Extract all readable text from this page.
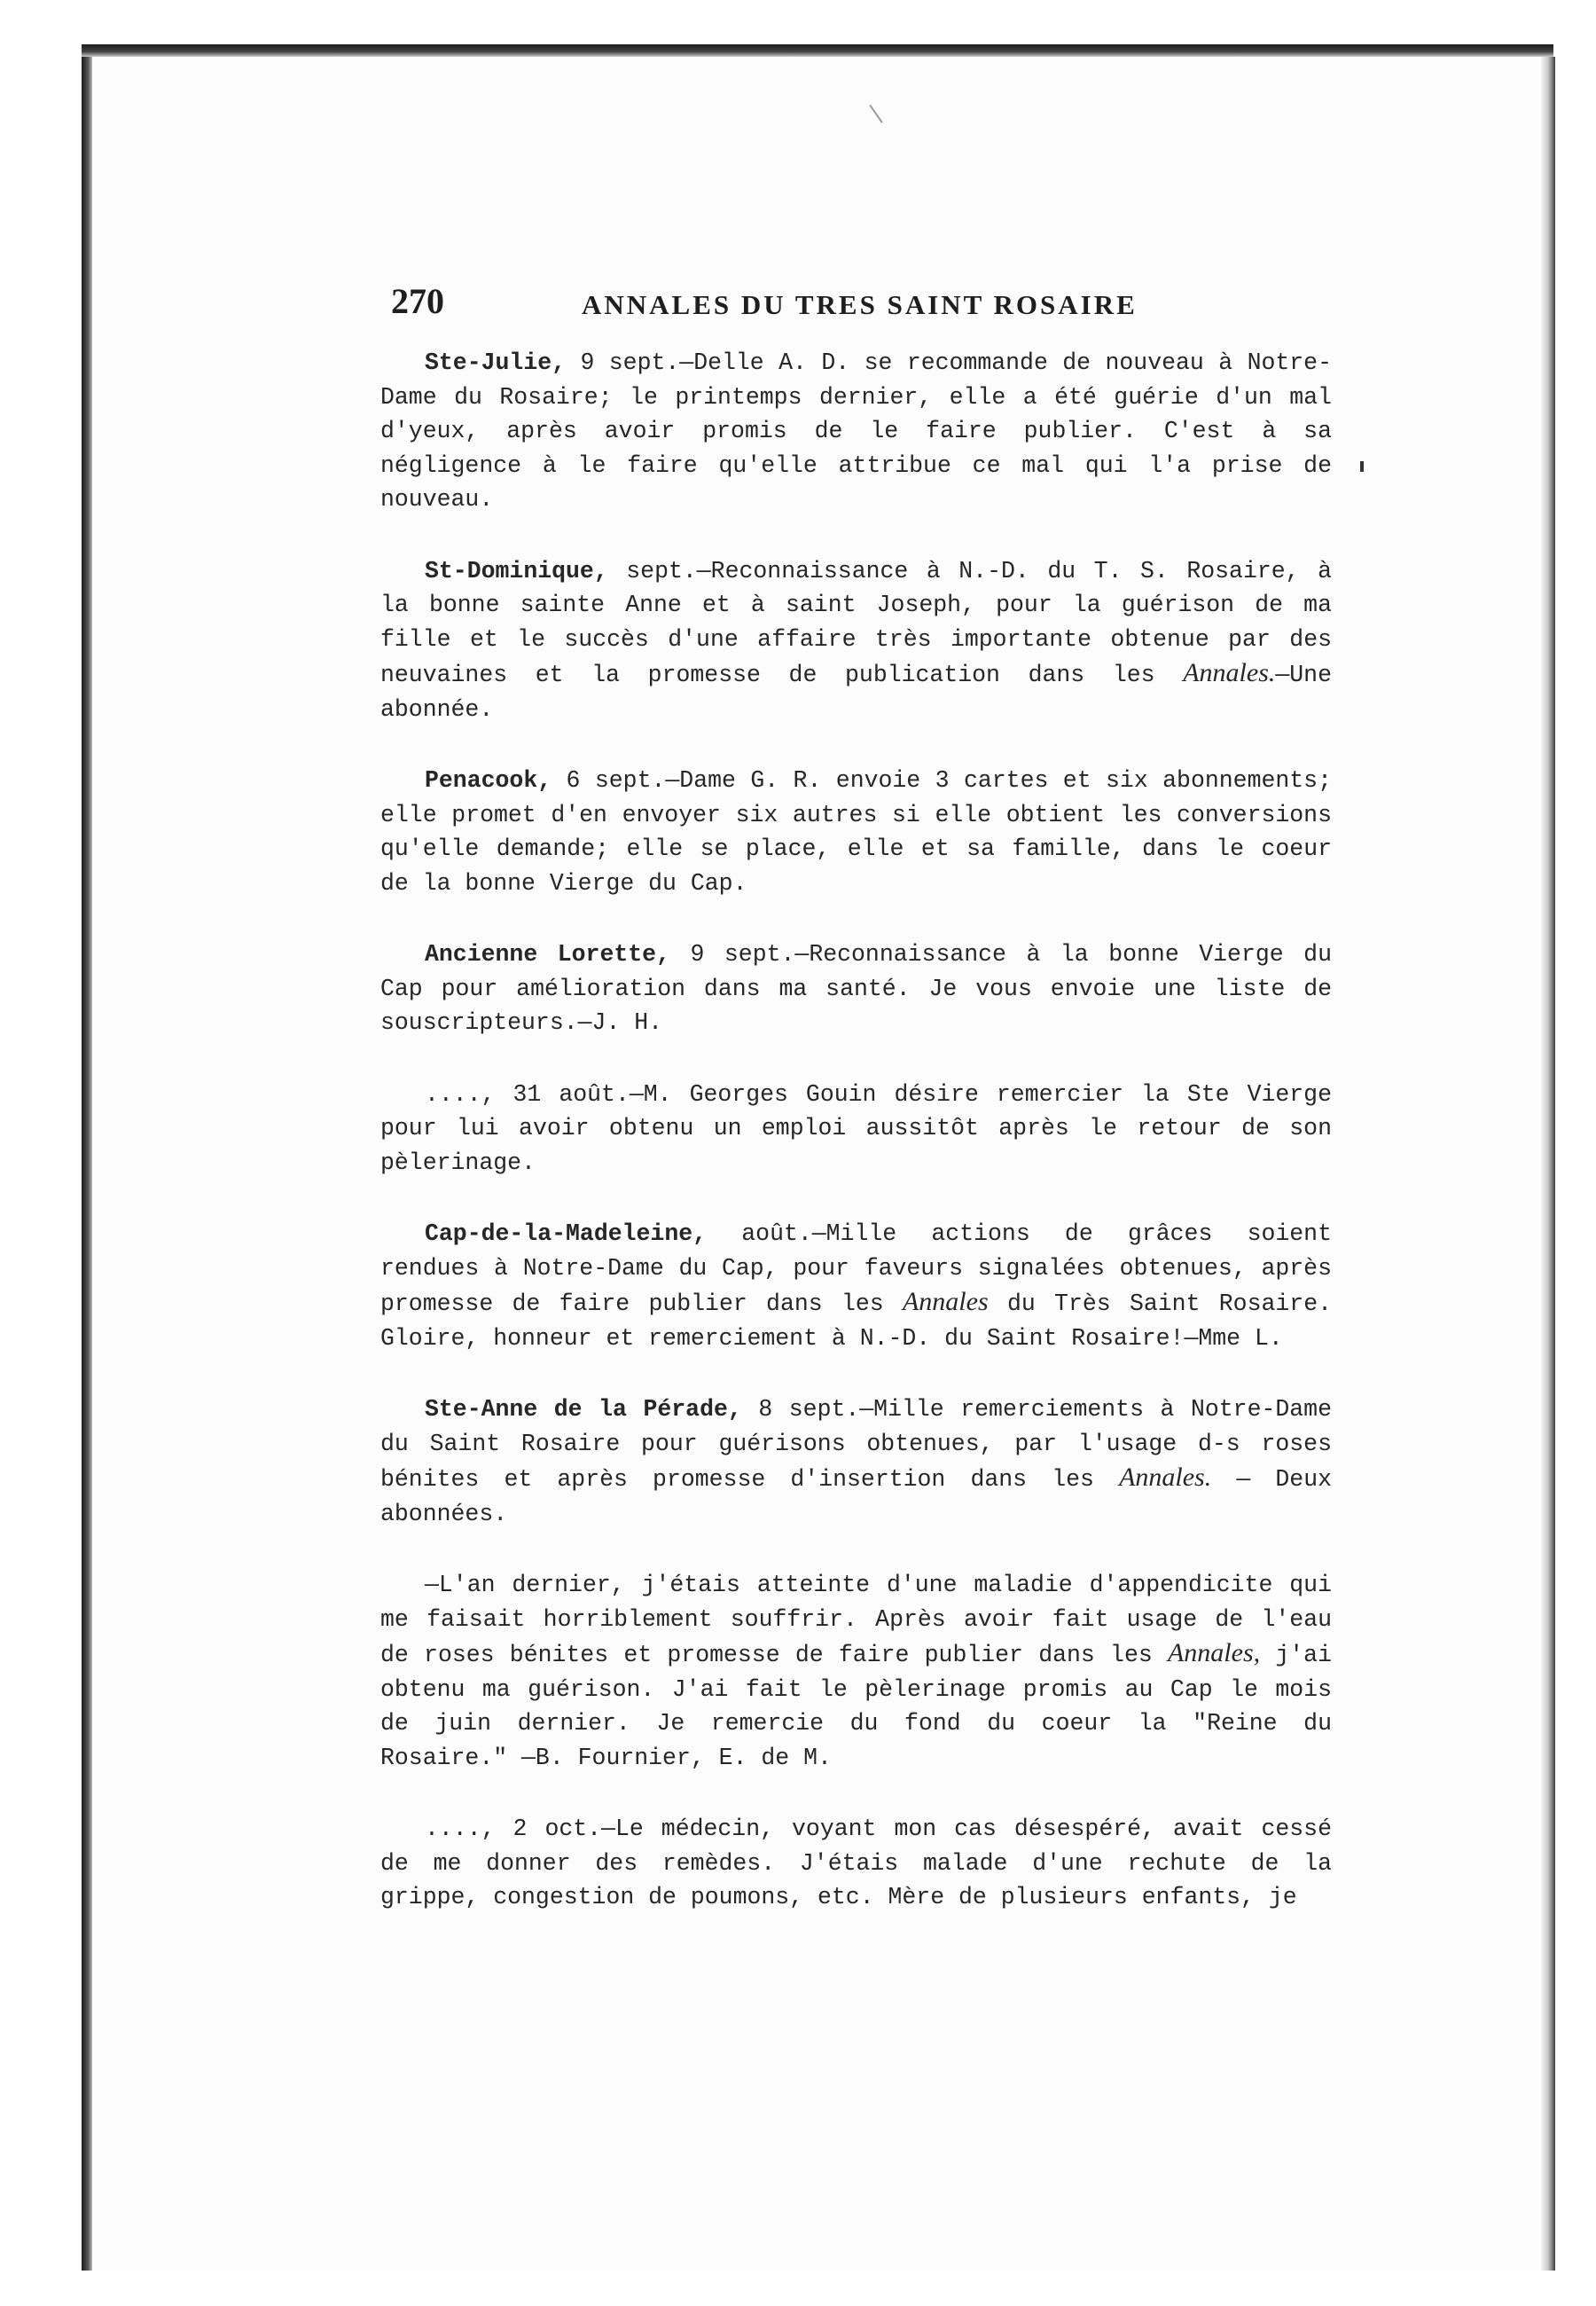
270	ANNALES DU TRES SAINT ROSAIRE

Ste-Julie, 9 sept.—Delle A. D. se recommande de nouveau à Notre-Dame du Rosaire; le printemps dernier, elle a été guérie d'un mal d'yeux, après avoir promis de le faire publier. C'est à sa négligence à le faire qu'elle attribue ce mal qui l'a prise de nouveau.

St-Dominique, sept.—Reconnaissance à N.-D. du T. S. Rosaire, à la bonne sainte Anne et à saint Joseph, pour la guérison de ma fille et le succès d'une affaire très importante obtenue par des neuvaines et la promesse de publication dans les Annales.—Une abonnée.

Penacook, 6 sept.—Dame G. R. envoie 3 cartes et six abonnements; elle promet d'en envoyer six autres si elle obtient les conversions qu'elle demande; elle se place, elle et sa famille, dans le coeur de la bonne Vierge du Cap.

Ancienne Lorette, 9 sept.—Reconnaissance à la bonne Vierge du Cap pour amélioration dans ma santé. Je vous envoie une liste de souscripteurs.—J. H.

...., 31 août.—M. Georges Gouin désire remercier la Ste Vierge pour lui avoir obtenu un emploi aussitôt après le retour de son pèlerinage.

Cap-de-la-Madeleine, août.—Mille actions de grâces soient rendues à Notre-Dame du Cap, pour faveurs signalées obtenues, après promesse de faire publier dans les Annales du Très Saint Rosaire. Gloire, honneur et remerciement à N.-D. du Saint Rosaire!—Mme L.

Ste-Anne de la Pérade, 8 sept.—Mille remerciements à Notre-Dame du Saint Rosaire pour guérisons obtenues, par l'usage d-s roses bénites et après promesse d'insertion dans les Annales. — Deux abonnées.

—L'an dernier, j'étais atteinte d'une maladie d'appendicite qui me faisait horriblement souffrir. Après avoir fait usage de l'eau de roses bénites et promesse de faire publier dans les Annales, j'ai obtenu ma guérison. J'ai fait le pèlerinage promis au Cap le mois de juin dernier. Je remercie du fond du coeur la "Reine du Rosaire." —B. Fournier, E. de M.

...., 2 oct.—Le médecin, voyant mon cas désespéré, avait cessé de me donner des remèdes. J'étais malade d'une rechute de la grippe, congestion de poumons, etc. Mère de plusieurs enfants, je
